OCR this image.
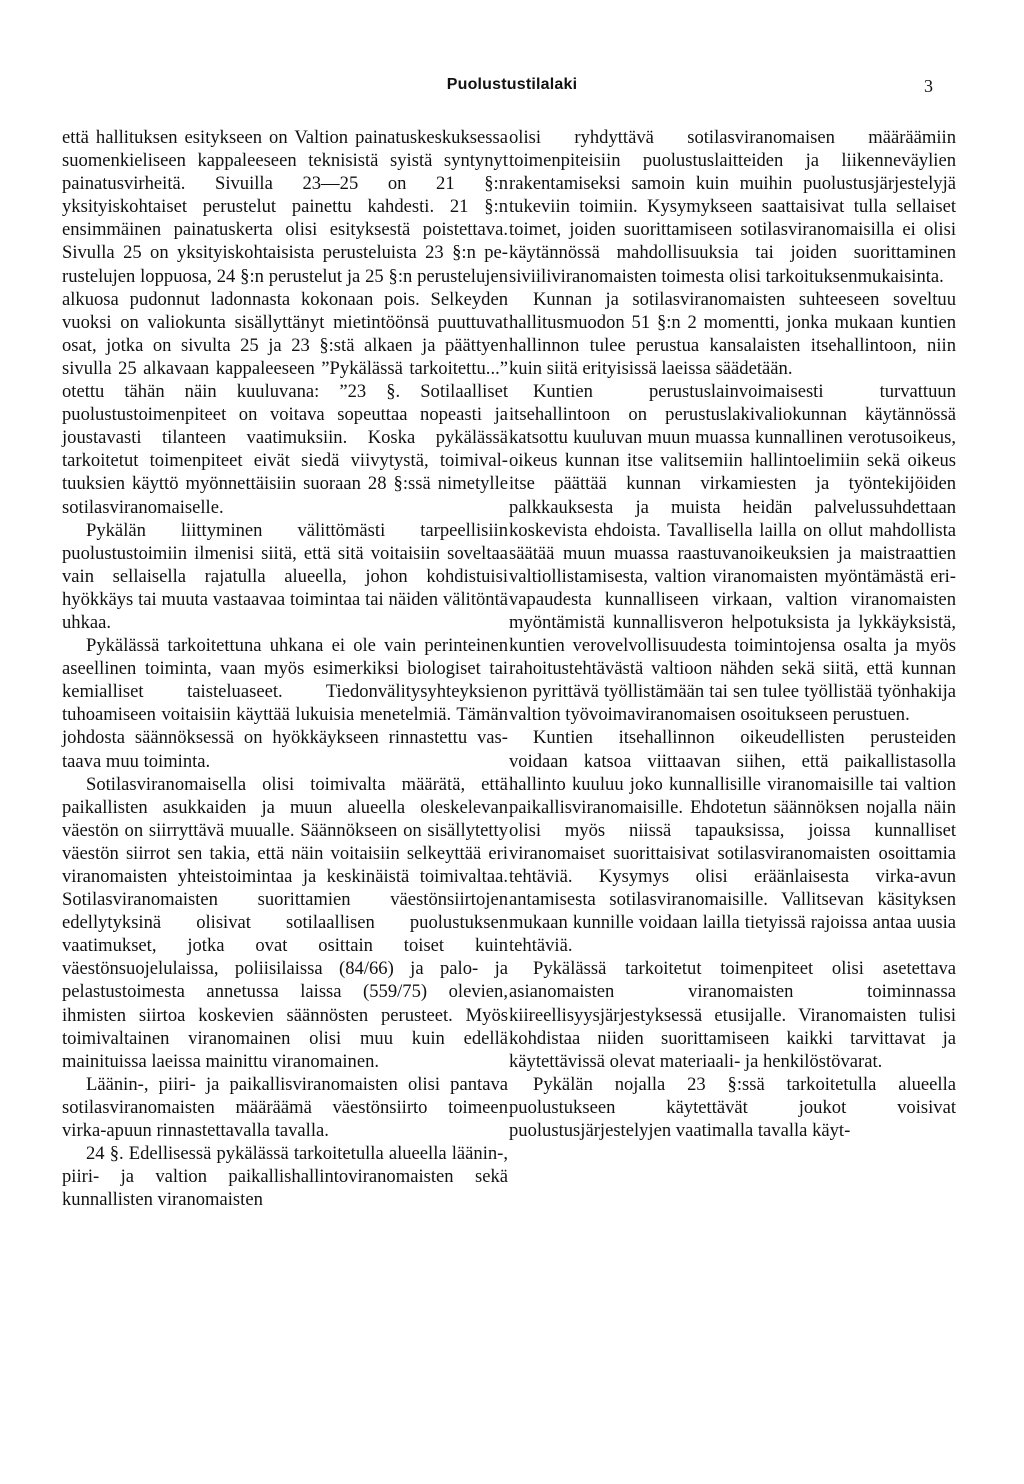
Puolustustilalaki	3

että hallituksen esitykseen on Valtion painatuskeskuksessa suomenkieliseen kappaleeseen teknisistä syistä syntynyt painatusvirheitä. Sivuilla 23—25 on 21 §:n yksityiskohtaiset perustelut painettu kahdesti. 21 §:n ensimmäinen painatuskerta olisi esityksestä poistettava. Sivulla 25 on yksityiskohtaisista perusteluista 23 §:n perustelujen loppuosa, 24 §:n perustelut ja 25 §:n perustelujen alkuosa pudonnut ladonnasta kokonaan pois. Selkeyden vuoksi on valiokunta sisällyttänyt mietintöönsä puuttuvat osat, jotka on sivulta 25 ja 23 §:stä alkaen ja päättyen sivulla 25 alkavaan kappaleeseen ”Pykälässä tarkoitettu...” otettu tähän näin kuuluvana: ”23 §. Sotilaalliset puolustustoimenpiteet on voitava sopeuttaa nopeasti ja joustavasti tilanteen vaatimuksiin. Koska pykälässä tarkoitetut toimenpiteet eivät siedä viivytystä, toimivaltuuksien käyttö myönnettäisiin suoraan 28 §:ssä nimetylle sotilasviranomaiselle.

Pykälän liittyminen välittömästi tarpeellisiin puolustustoimiin ilmenisi siitä, että sitä voitaisiin soveltaa vain sellaisella rajatulla alueella, johon kohdistuisi hyökkäys tai muuta vastaavaa toimintaa tai näiden välitöntä uhkaa.

Pykälässä tarkoitettuna uhkana ei ole vain perinteinen aseellinen toiminta, vaan myös esimerkiksi biologiset tai kemialliset taisteluaseet. Tiedonvälitysyhteyksien tuhoamiseen voitaisiin käyttää lukuisia menetelmiä. Tämän johdosta säännöksessä on hyökkäykseen rinnastettu vastaava muu toiminta.

Sotilasviranomaisella olisi toimivalta määrätä, että paikallisten asukkaiden ja muun alueella oleskelevan väestön on siirryttävä muualle. Säännökseen on sisällytetty väestön siirrot sen takia, että näin voitaisiin selkeyttää eri viranomaisten yhteistoimintaa ja keskinäistä toimivaltaa. Sotilasviranomaisten suorittamien väestönsiirtojen edellytyksinä olisivat sotilaallisen puolustuksen vaatimukset, jotka ovat osittain toiset kuin väestönsuojelulaissa, poliisilaissa (84/66) ja palo- ja pelastustoimesta annetussa laissa (559/75) olevien, ihmisten siirtoa koskevien säännösten perusteet. Myös toimivaltainen viranomainen olisi muu kuin edellä mainituissa laeissa mainittu viranomainen.

Läänin-, piiri- ja paikallisviranomaisten olisi pantava sotilasviranomaisten määräämä väestönsiirto toimeen virka-apuun rinnastettavalla tavalla.

24 §. Edellisessä pykälässä tarkoitetulla alueella läänin-, piiri- ja valtion paikallishallintoviranomaisten sekä kunnallisten viranomaisten

olisi ryhdyttävä sotilasviranomaisen määräämiin toimenpiteisiin puolustuslaitteiden ja liikenneväylien rakentamiseksi samoin kuin muihin puolustusjärjestelyjä tukeviin toimiin. Kysymykseen saattaisivat tulla sellaiset toimet, joiden suorittamiseen sotilasviranomaisilla ei olisi käytännössä mahdollisuuksia tai joiden suorittaminen siviiliviranomaisten toimesta olisi tarkoituksenmukaisinta.

Kunnan ja sotilasviranomaisten suhteeseen soveltuu hallitusmuodon 51 §:n 2 momentti, jonka mukaan kuntien hallinnon tulee perustua kansalaisten itsehallintoon, niin kuin siitä erityisissä laeissa säädetään.

Kuntien perustuslainvoimaisesti turvattuun itsehallintoon on perustuslakivaliokunnan käytännössä katsottu kuuluvan muun muassa kunnallinen verotusoikeus, oikeus kunnan itse valitsemiin hallintoelimiin sekä oikeus itse päättää kunnan virkamiesten ja työntekijöiden palkkauksesta ja muista heidän palvelussuhdettaan koskevista ehdoista. Tavallisella lailla on ollut mahdollista säätää muun muassa raastuvanoikeuksien ja maistraattien valtiollistamisesta, valtion viranomaisten myöntämästä erivapaudesta kunnalliseen virkaan, valtion viranomaisten myöntämistä kunnallisveron helpotuksista ja lykkäyksistä, kuntien verovelvollisuudesta toimintojensa osalta ja myös rahoitustehtävästä valtioon nähden sekä siitä, että kunnan on pyrittävä työllistämään tai sen tulee työllistää työnhakija valtion työvoimaviranomaisen osoitukseen perustuen.

Kuntien itsehallinnon oikeudellisten perusteiden voidaan katsoa viittaavan siihen, että paikallistasolla hallinto kuuluu joko kunnallisille viranomaisille tai valtion paikallisviranomaisille. Ehdotetun säännöksen nojalla näin olisi myös niissä tapauksissa, joissa kunnalliset viranomaiset suorittaisivat sotilasviranomaisten osoittamia tehtäviä. Kysymys olisi eräänlaisesta virka-avun antamisesta sotilasviranomaisille. Vallitsevan käsityksen mukaan kunnille voidaan lailla tietyissä rajoissa antaa uusia tehtäviä.

Pykälässä tarkoitetut toimenpiteet olisi asetettava asianomaisten viranomaisten toiminnassa kiireellisyysjärjestyksessä etusijalle. Viranomaisten tulisi kohdistaa niiden suorittamiseen kaikki tarvittavat ja käytettävissä olevat materiaali- ja henkilöstövarat.

Pykälän nojalla 23 §:ssä tarkoitetulla alueella puolustukseen käytettävät joukot voisivat puolustusjärjestelyjen vaatimalla tavalla käyt-
